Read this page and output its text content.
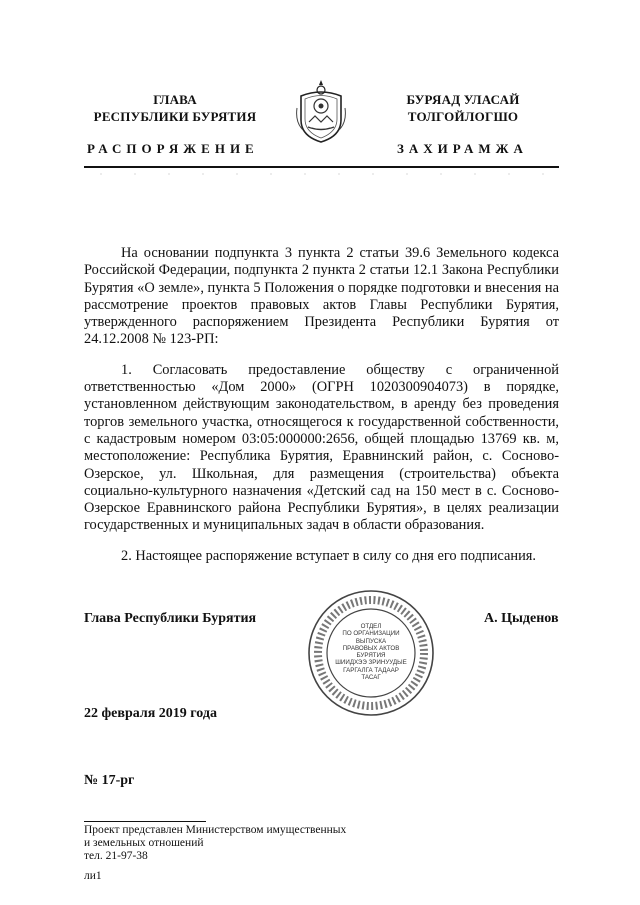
ГЛАВА
РЕСПУБЛИКИ БУРЯТИЯ
РАСПОРЯЖЕНИЕ
БУРЯАД УЛАСАЙ
ТОЛГОЙЛОГШО
ЗАХИРАМЖА

На основании подпункта 3 пункта 2 статьи 39.6 Земельного кодекса Российской Федерации, подпункта 2 пункта 2 статьи 12.1 Закона Республики Бурятия «О земле», пункта 5 Положения о порядке подготовки и внесения на рассмотрение проектов правовых актов Главы Республики Бурятия, утвержденного распоряжением Президента Республики Бурятия от 24.12.2008 № 123-РП:

1. Согласовать предоставление обществу с ограниченной ответственностью «Дом 2000» (ОГРН 1020300904073) в порядке, установленном действующим законодательством, в аренду без проведения торгов земельного участка, относящегося к государственной собственности, с кадастровым номером 03:05:000000:2656, общей площадью 13769 кв. м, местоположение: Республика Бурятия, Еравнинский район, с. Сосново-Озерское, ул. Школьная, для размещения (строительства) объекта социально-культурного назначения «Детский сад на 150 мест в с. Сосново-Озерское Еравнинского района Республики Бурятия», в целях реализации государственных и муниципальных задач в области образования.

2. Настоящее распоряжение вступает в силу со дня его подписания.

Глава Республики Бурятия	А. Цыденов
22 февраля 2019 года
№ 17-рг
ОТДЕЛ
ПО ОРГАНИЗАЦИИ
ВЫПУСКА
ПРАВОВЫХ АКТОВ
БУРЯТИЯ
ШИИДХЭЭ ЗРИНУУДЫЕ
ГАРГАЛГА ТАДААР
ТАСАГ
Проект представлен Министерством имущественных
и земельных отношений
тел. 21-97-38
ли1
